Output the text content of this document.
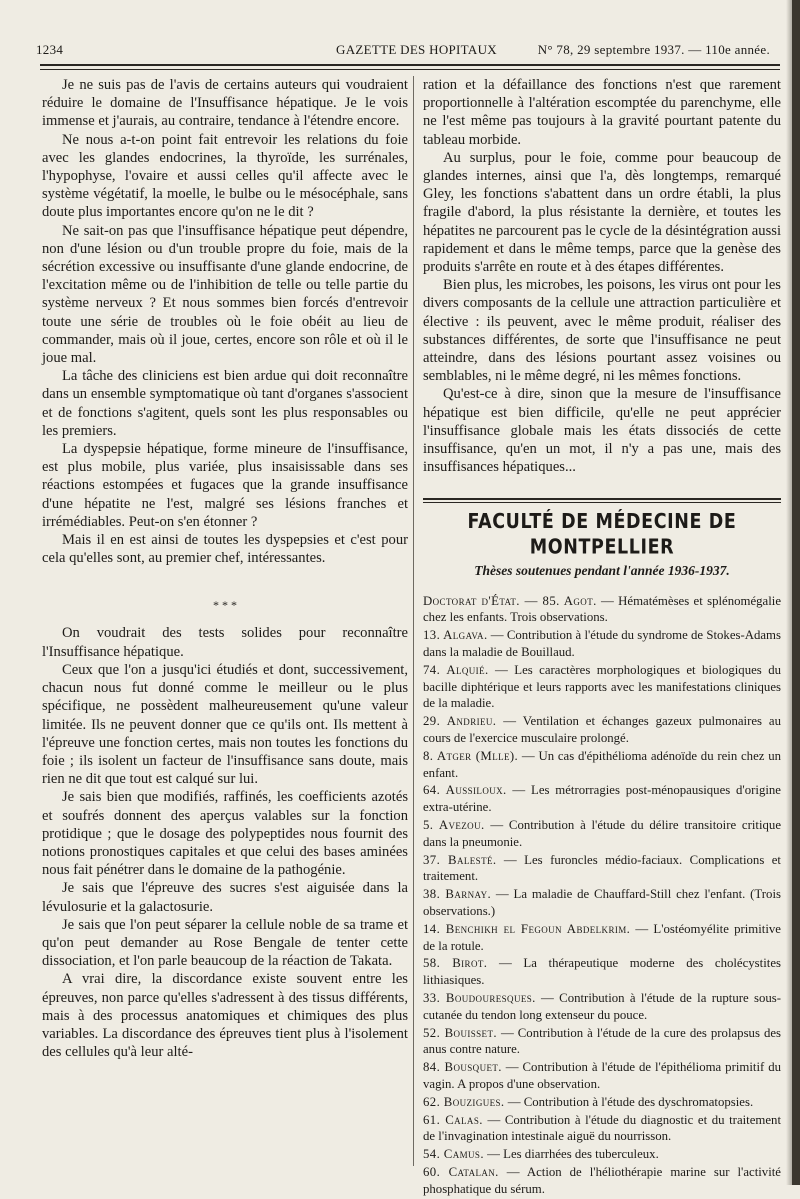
1234	GAZETTE DES HOPITAUX	N° 78, 29 septembre 1937. — 110e année.

Je ne suis pas de l'avis de certains auteurs qui voudraient réduire le domaine de l'Insuffisance hépatique. Je le vois immense et j'aurais, au contraire, tendance à l'étendre encore.

Ne nous a-t-on point fait entrevoir les relations du foie avec les glandes endocrines, la thyroïde, les surrénales, l'hypophyse, l'ovaire et aussi celles qu'il affecte avec le système végétatif, la moelle, le bulbe ou le mésocéphale, sans doute plus importantes encore qu'on ne le dit ?

Ne sait-on pas que l'insuffisance hépatique peut dépendre, non d'une lésion ou d'un trouble propre du foie, mais de la sécrétion excessive ou insuffisante d'une glande endocrine, de l'excitation même ou de l'inhibition de telle ou telle partie du système nerveux ? Et nous sommes bien forcés d'entrevoir toute une série de troubles où le foie obéit au lieu de commander, mais où il joue, certes, encore son rôle et où il le joue mal.

La tâche des cliniciens est bien ardue qui doit reconnaître dans un ensemble symptomatique où tant d'organes s'associent et de fonctions s'agitent, quels sont les plus responsables ou les premiers.

La dyspepsie hépatique, forme mineure de l'insuffisance, est plus mobile, plus variée, plus insaisissable dans ses réactions estompées et fugaces que la grande insuffisance d'une hépatite ne l'est, malgré ses lésions franches et irrémédiables. Peut-on s'en étonner ?

Mais il en est ainsi de toutes les dyspepsies et c'est pour cela qu'elles sont, au premier chef, intéressantes.

* * *

On voudrait des tests solides pour reconnaître l'Insuffisance hépatique.

Ceux que l'on a jusqu'ici étudiés et dont, successivement, chacun nous fut donné comme le meilleur ou le plus spécifique, ne possèdent malheureusement qu'une valeur limitée. Ils ne peuvent donner que ce qu'ils ont. Ils mettent à l'épreuve une fonction certes, mais non toutes les fonctions du foie ; ils isolent un facteur de l'insuffisance sans doute, mais rien ne dit que tout est calqué sur lui.

Je sais bien que modifiés, raffinés, les coefficients azotés et soufrés donnent des aperçus valables sur la fonction protidique ; que le dosage des polypeptides nous fournit des notions pronostiques capitales et que celui des bases aminées nous fait pénétrer dans le domaine de la pathogénie.

Je sais que l'épreuve des sucres s'est aiguisée dans la lévulosurie et la galactosurie.

Je sais que l'on peut séparer la cellule noble de sa trame et qu'on peut demander au Rose Bengale de tenter cette dissociation, et l'on parle beaucoup de la réaction de Takata.

A vrai dire, la discordance existe souvent entre les épreuves, non parce qu'elles s'adressent à des tissus différents, mais à des processus anatomiques et chimiques des plus variables. La discordance des épreuves tient plus à l'isolement des cellules qu'à leur alté-

ration et la défaillance des fonctions n'est que rarement proportionnelle à l'altération escomptée du parenchyme, elle ne l'est même pas toujours à la gravité pourtant patente du tableau morbide.

Au surplus, pour le foie, comme pour beaucoup de glandes internes, ainsi que l'a, dès longtemps, remarqué Gley, les fonctions s'abattent dans un ordre établi, la plus fragile d'abord, la plus résistante la dernière, et toutes les hépatites ne parcourent pas le cycle de la désintégration aussi rapidement et dans le même temps, parce que la genèse des produits s'arrête en route et à des étapes différentes.

Bien plus, les microbes, les poisons, les virus ont pour les divers composants de la cellule une attraction particulière et élective : ils peuvent, avec le même produit, réaliser des substances différentes, de sorte que l'insuffisance ne peut atteindre, dans des lésions pourtant assez voisines ou semblables, ni le même degré, ni les mêmes fonctions.

Qu'est-ce à dire, sinon que la mesure de l'insuffisance hépatique est bien difficile, qu'elle ne peut apprécier l'insuffisance globale mais les états dissociés de cette insuffisance, qu'en un mot, il n'y a pas une, mais des insuffisances hépatiques...

FACULTÉ DE MÉDECINE DE MONTPELLIER
Thèses soutenues pendant l'année 1936-1937.

Doctorat d'État. — 85. Agot. — Hématémèses et splénomégalie chez les enfants. Trois observations.

13. Algava. — Contribution à l'étude du syndrome de Stokes-Adams dans la maladie de Bouillaud.

74. Alquié. — Les caractères morphologiques et biologiques du bacille diphtérique et leurs rapports avec les manifestations cliniques de la maladie.

29. Andrieu. — Ventilation et échanges gazeux pulmonaires au cours de l'exercice musculaire prolongé.

8. Atger (Mlle). — Un cas d'épithélioma adénoïde du rein chez un enfant.

64. Aussiloux. — Les métrorragies post-ménopausiques d'origine extra-utérine.

5. Avezou. — Contribution à l'étude du délire transitoire critique dans la pneumonie.

37. Balesté. — Les furoncles médio-faciaux. Complications et traitement.

38. Barnay. — La maladie de Chauffard-Still chez l'enfant. (Trois observations.)

14. Benchikh el Fegoun Abdelkrim. — L'ostéomyélite primitive de la rotule.

58. Birot. — La thérapeutique moderne des cholécystites lithiasiques.

33. Boudouresques. — Contribution à l'étude de la rupture sous-cutanée du tendon long extenseur du pouce.

52. Bouisset. — Contribution à l'étude de la cure des prolapsus des anus contre nature.

84. Bousquet. — Contribution à l'étude de l'épithélioma primitif du vagin. A propos d'une observation.

62. Bouzigues. — Contribution à l'étude des dyschromatopsies.

61. Calas. — Contribution à l'étude du diagnostic et du traitement de l'invagination intestinale aiguë du nourrisson.

54. Camus. — Les diarrhées des tuberculeux.

60. Catalan. — Action de l'héliothérapie marine sur l'activité phosphatique du sérum.
